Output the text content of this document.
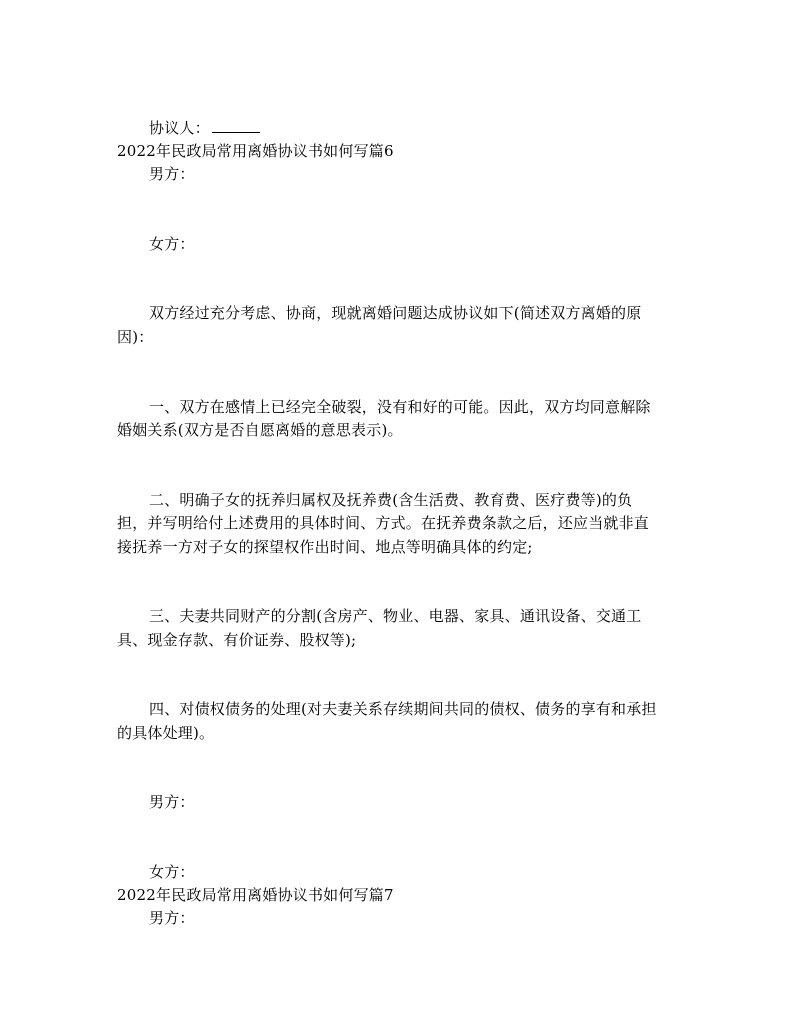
协议人：
2022年民政局常用离婚协议书如何写篇6
男方：
女方：
双方经过充分考虑、协商，现就离婚问题达成协议如下(简述双方离婚的原
因)：
一、双方在感情上已经完全破裂，没有和好的可能。因此，双方均同意解除
婚姻关系(双方是否自愿离婚的意思表示)。
二、明确子女的抚养归属权及抚养费(含生活费、教育费、医疗费等)的负
担，并写明给付上述费用的具体时间、方式。在抚养费条款之后，还应当就非直
接抚养一方对子女的探望权作出时间、地点等明确具体的约定;
三、夫妻共同财产的分割(含房产、物业、电器、家具、通讯设备、交通工
具、现金存款、有价证券、股权等);
四、对债权债务的处理(对夫妻关系存续期间共同的债权、债务的享有和承担
的具体处理)。
男方：
女方：
2022年民政局常用离婚协议书如何写篇7
男方：
